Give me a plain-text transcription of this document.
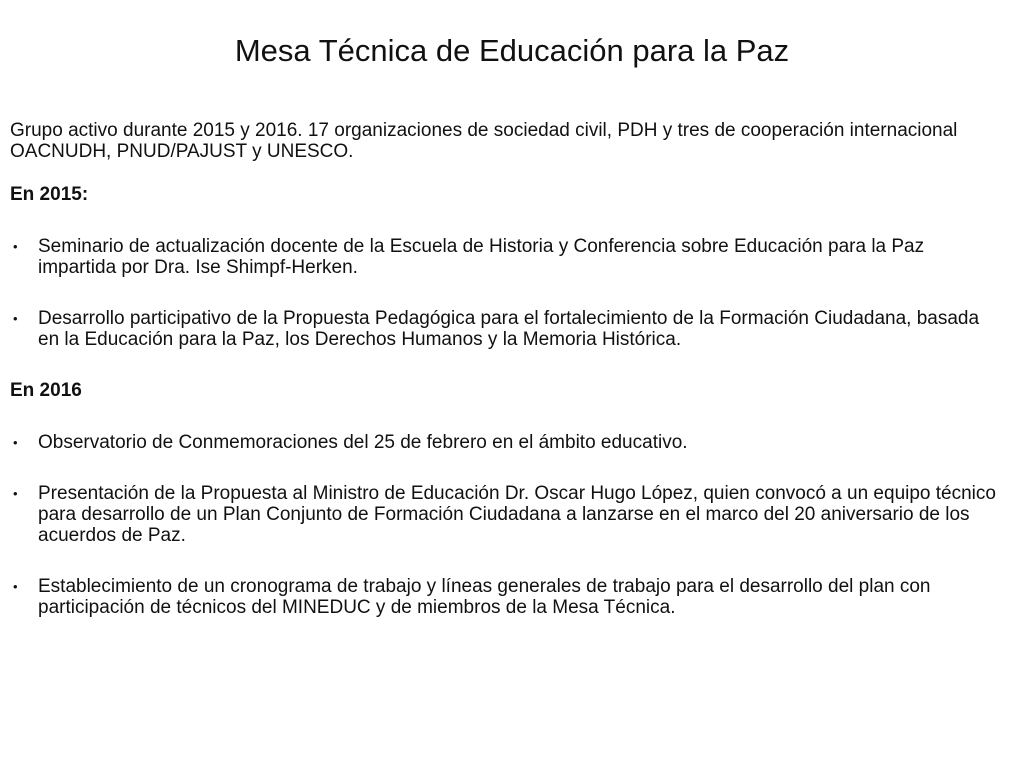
Mesa Técnica de Educación para la Paz

Grupo activo durante 2015 y 2016. 17 organizaciones de sociedad civil, PDH y tres de cooperación internacional OACNUDH, PNUD/PAJUST y UNESCO.

En 2015:

• Seminario de actualización docente de la Escuela de Historia y Conferencia sobre Educación para la Paz impartida por Dra. Ise Shimpf-Herken.
• Desarrollo participativo de la Propuesta Pedagógica para el fortalecimiento de la Formación Ciudadana, basada en la Educación para la Paz, los Derechos Humanos y la Memoria Histórica.

En 2016

• Observatorio de Conmemoraciones del 25 de febrero en el ámbito educativo.
• Presentación de la Propuesta al Ministro de Educación Dr. Oscar Hugo López, quien convocó a un equipo técnico para desarrollo de un Plan Conjunto de Formación Ciudadana a lanzarse en el marco del 20 aniversario de los acuerdos de Paz.
• Establecimiento de un cronograma de trabajo y líneas generales de trabajo para el desarrollo del plan con participación de técnicos del MINEDUC y de miembros de la Mesa Técnica.
